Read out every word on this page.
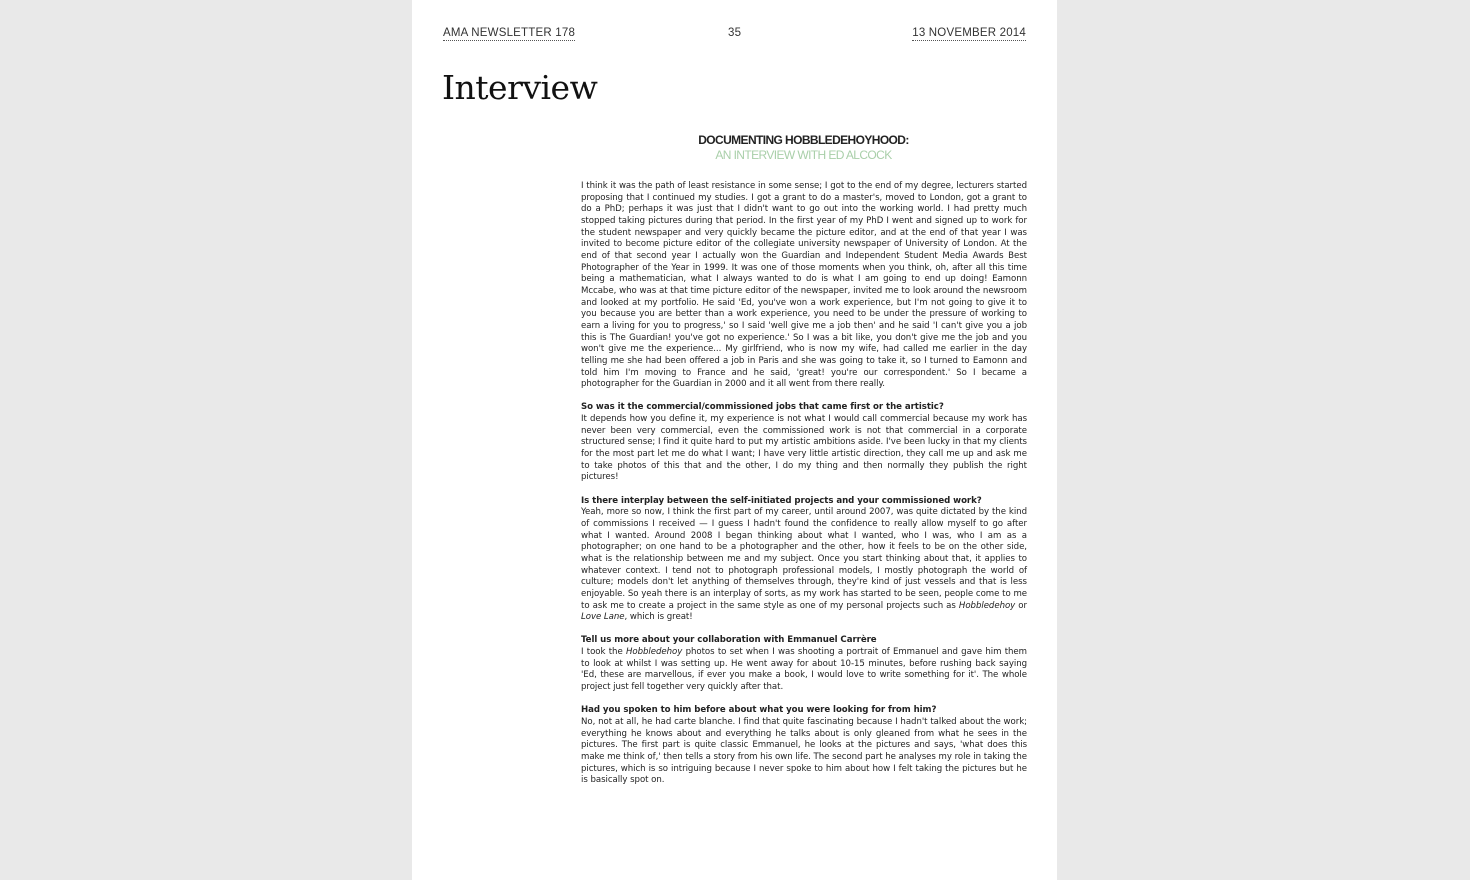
AMA NEWSLETTER 178	35	13 NOVEMBER 2014
Interview
DOCUMENTING HOBBLEDEHOYHOOD:
AN INTERVIEW WITH ED ALCOCK

I think it was the path of least resistance in some sense; I got to the end of my degree, lecturers started proposing that I continued my studies. I got a grant to do a master's, moved to London, got a grant to do a PhD; perhaps it was just that I didn't want to go out into the working world. I had pretty much stopped taking pictures during that period. In the first year of my PhD I went and signed up to work for the student newspaper and very quickly became the picture editor, and at the end of that year I was invited to become picture editor of the collegiate university newspaper of University of London. At the end of that second year I actually won the Guardian and Independent Student Media Awards Best Photographer of the Year in 1999. It was one of those moments when you think, oh, after all this time being a mathematician, what I always wanted to do is what I am going to end up doing! Eamonn Mccabe, who was at that time picture editor of the newspaper, invited me to look around the newsroom and looked at my portfolio. He said 'Ed, you've won a work experience, but I'm not going to give it to you because you are better than a work experience, you need to be under the pressure of working to earn a living for you to progress,' so I said 'well give me a job then' and he said 'I can't give you a job this is The Guardian! you've got no experience.' So I was a bit like, you don't give me the job and you won't give me the experience... My girlfriend, who is now my wife, had called me earlier in the day telling me she had been offered a job in Paris and she was going to take it, so I turned to Eamonn and told him I'm moving to France and he said, 'great! you're our correspondent.' So I became a photographer for the Guardian in 2000 and it all went from there really.

So was it the commercial/commissioned jobs that came first or the artistic?

It depends how you define it, my experience is not what I would call commercial because my work has never been very commercial, even the commissioned work is not that commercial in a corporate structured sense; I find it quite hard to put my artistic ambitions aside. I've been lucky in that my clients for the most part let me do what I want; I have very little artistic direction, they call me up and ask me to take photos of this that and the other, I do my thing and then normally they publish the right pictures!

Is there interplay between the self-initiated projects and your commissioned work?

Yeah, more so now, I think the first part of my career, until around 2007, was quite dictated by the kind of commissions I received — I guess I hadn't found the confidence to really allow myself to go after what I wanted. Around 2008 I began thinking about what I wanted, who I was, who I am as a photographer; on one hand to be a photographer and the other, how it feels to be on the other side, what is the relationship between me and my subject. Once you start thinking about that, it applies to whatever context. I tend not to photograph professional models, I mostly photograph the world of culture; models don't let anything of themselves through, they're kind of just vessels and that is less enjoyable. So yeah there is an interplay of sorts, as my work has started to be seen, people come to me to ask me to create a project in the same style as one of my personal projects such as Hobbledehoy or Love Lane, which is great!

Tell us more about your collaboration with Emmanuel Carrère

I took the Hobbledehoy photos to set when I was shooting a portrait of Emmanuel and gave him them to look at whilst I was setting up. He went away for about 10-15 minutes, before rushing back saying 'Ed, these are marvellous, if ever you make a book, I would love to write something for it'. The whole project just fell together very quickly after that.

Had you spoken to him before about what you were looking for from him?

No, not at all, he had carte blanche. I find that quite fascinating because I hadn't talked about the work; everything he knows about and everything he talks about is only gleaned from what he sees in the pictures. The first part is quite classic Emmanuel, he looks at the pictures and says, 'what does this make me think of,' then tells a story from his own life. The second part he analyses my role in taking the pictures, which is so intriguing because I never spoke to him about how I felt taking the pictures but he is basically spot on.
